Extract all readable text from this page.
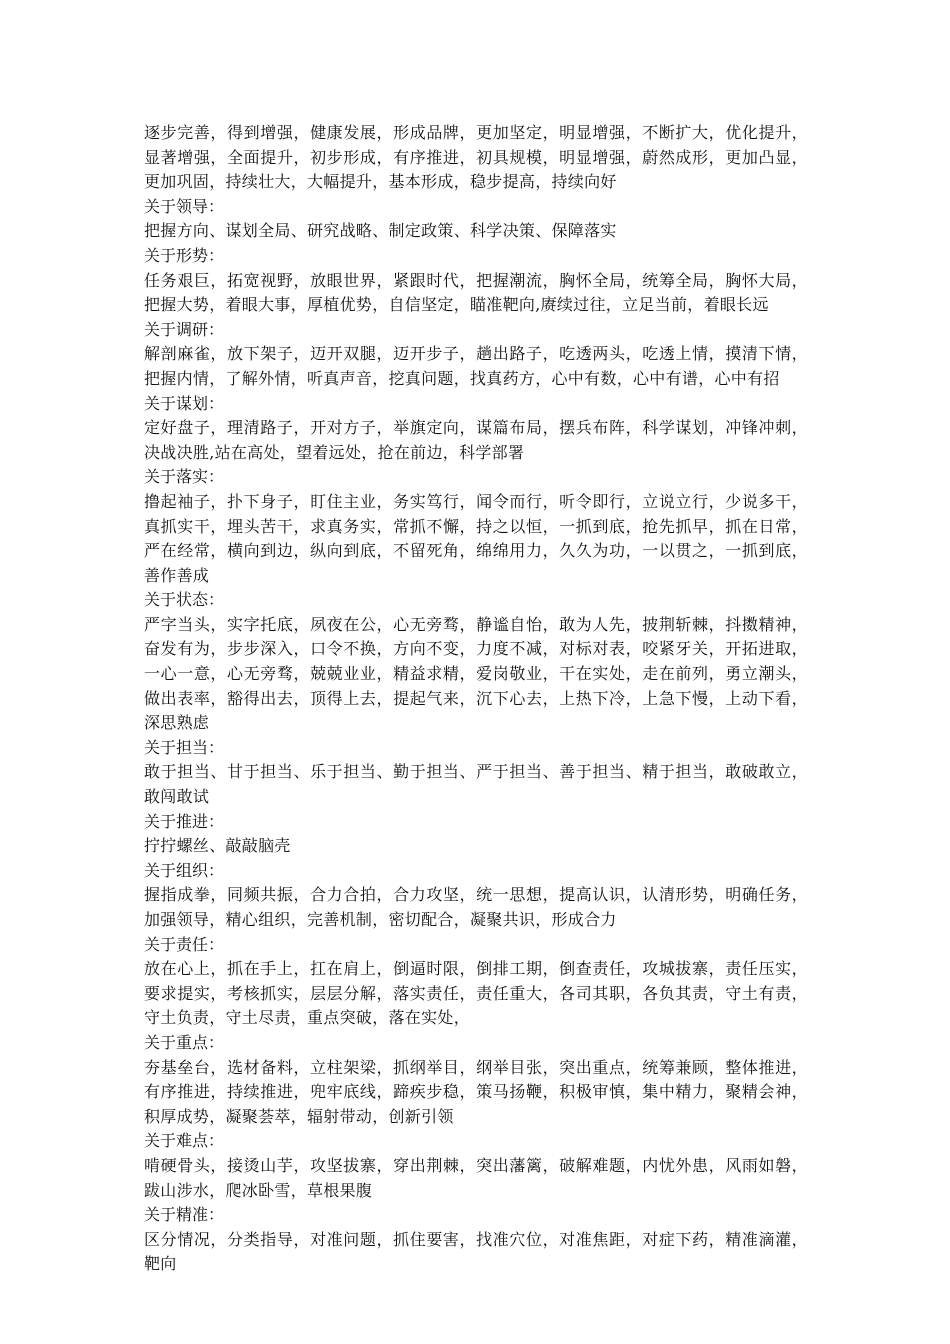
逐步完善，得到增强，健康发展，形成品牌，更加坚定，明显增强，不断扩大，优化提升，显著增强，全面提升，初步形成，有序推进，初具规模，明显增强，蔚然成形，更加凸显，更加巩固，持续壮大，大幅提升，基本形成，稳步提高，持续向好

关于领导：

把握方向、谋划全局、研究战略、制定政策、科学决策、保障落实

关于形势：

任务艰巨，拓宽视野，放眼世界，紧跟时代，把握潮流，胸怀全局，统筹全局，胸怀大局，把握大势，着眼大事，厚植优势，自信坚定，瞄准靶向,赓续过往，立足当前，着眼长远

关于调研：

解剖麻雀，放下架子，迈开双腿，迈开步子，趟出路子，吃透两头，吃透上情，摸清下情，把握内情，了解外情，听真声音，挖真问题，找真药方，心中有数，心中有谱，心中有招

关于谋划：

定好盘子，理清路子，开对方子，举旗定向，谋篇布局，摆兵布阵，科学谋划，冲锋冲刺，决战决胜,站在高处，望着远处，抢在前边，科学部署

关于落实：

撸起袖子，扑下身子，盯住主业，务实笃行，闻令而行，听令即行，立说立行，少说多干，真抓实干，埋头苦干，求真务实，常抓不懈，持之以恒，一抓到底，抢先抓早，抓在日常，严在经常，横向到边，纵向到底，不留死角，绵绵用力，久久为功，一以贯之，一抓到底，善作善成

关于状态：

严字当头，实字托底，夙夜在公，心无旁骛，静谧自怡，敢为人先，披荆斩棘，抖擞精神，奋发有为，步步深入，口令不换，方向不变，力度不减，对标对表，咬紧牙关，开拓进取，一心一意，心无旁骛，兢兢业业，精益求精，爱岗敬业，干在实处，走在前列，勇立潮头，做出表率，豁得出去，顶得上去，提起气来，沉下心去，上热下冷，上急下慢，上动下看，深思熟虑

关于担当：

敢于担当、甘于担当、乐于担当、勤于担当、严于担当、善于担当、精于担当，敢破敢立，敢闯敢试

关于推进：

拧拧螺丝、敲敲脑壳

关于组织：

握指成拳，同频共振，合力合拍，合力攻坚，统一思想，提高认识，认清形势，明确任务，加强领导，精心组织，完善机制，密切配合，凝聚共识，形成合力

关于责任：

放在心上，抓在手上，扛在肩上，倒逼时限，倒排工期，倒查责任，攻城拔寨，责任压实，要求提实，考核抓实，层层分解，落实责任，责任重大，各司其职，各负其责，守土有责，守土负责，守土尽责，重点突破，落在实处，

关于重点：

夯基垒台，选材备料，立柱架梁，抓纲举目，纲举目张，突出重点，统筹兼顾，整体推进，有序推进，持续推进，兜牢底线，蹄疾步稳，策马扬鞭，积极审慎，集中精力，聚精会神，积厚成势，凝聚荟萃，辐射带动，创新引领

关于难点：

啃硬骨头，接烫山芋，攻坚拔寨，穿出荆棘，突出藩篱，破解难题，内忧外患，风雨如磐，跋山涉水，爬冰卧雪，草根果腹

关于精准：

区分情况，分类指导，对准问题，抓住要害，找准穴位，对准焦距，对症下药，精准滴灌，靶向
